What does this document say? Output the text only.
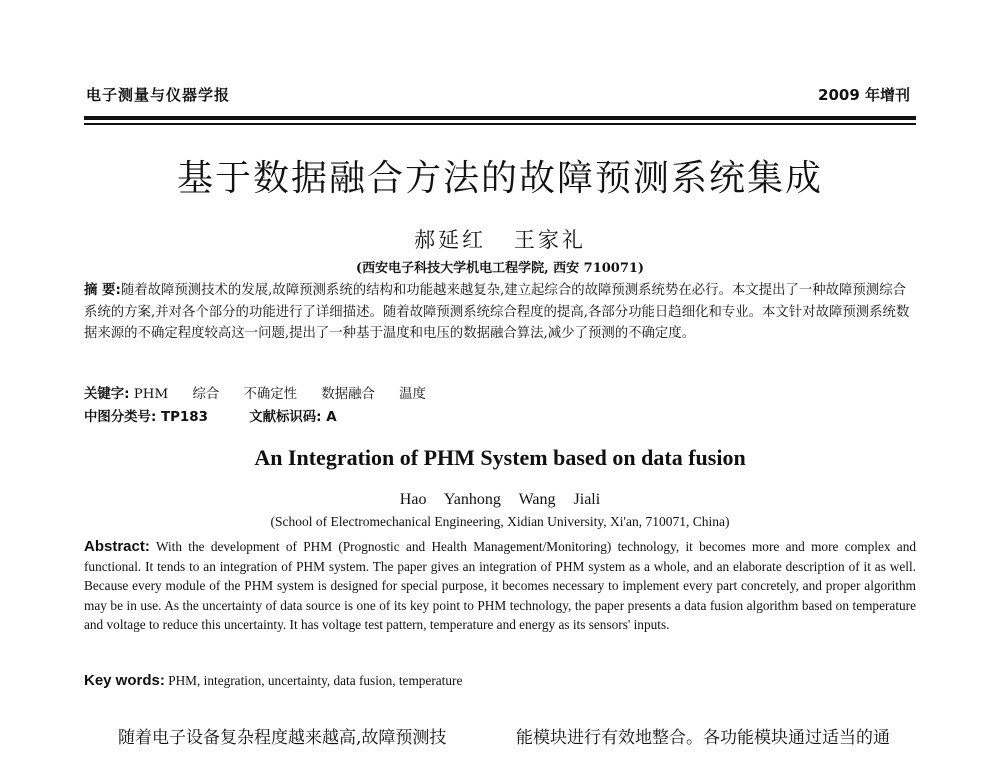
电子测量与仪器学报	2009 年增刊
基于数据融合方法的故障预测系统集成
郝延红 王家礼
(西安电子科技大学机电工程学院, 西安 710071)
摘 要:随着故障预测技术的发展,故障预测系统的结构和功能越来越复杂,建立起综合的故障预测系统势在必行。本文提出了一种故障预测综合系统的方案,并对各个部分的功能进行了详细描述。随着故障预测系统综合程度的提高,各部分功能日趋细化和专业。本文针对故障预测系统数据来源的不确定程度较高这一问题,提出了一种基于温度和电压的数据融合算法,减少了预测的不确定度。
关键字: PHM 综合 不确定性 数据融合 温度
中图分类号: TP183	文献标识码: A
An Integration of PHM System based on data fusion
Hao Yanhong Wang Jiali
(School of Electromechanical Engineering, Xidian University, Xi'an, 710071, China)
Abstract: With the development of PHM (Prognostic and Health Management/Monitoring) technology, it becomes more and more complex and functional. It tends to an integration of PHM system. The paper gives an integration of PHM system as a whole, and an elaborate description of it as well. Because every module of the PHM system is designed for special purpose, it becomes necessary to implement every part concretely, and proper algorithm may be in use. As the uncertainty of data source is one of its key point to PHM technology, the paper presents a data fusion algorithm based on temperature and voltage to reduce this uncertainty. It has voltage test pattern, temperature and energy as its sensors' inputs.
Key words: PHM, integration, uncertainty, data fusion, temperature
随着电子设备复杂程度越来越高,故障预测技	能模块进行有效地整合。各功能模块通过适当的通
